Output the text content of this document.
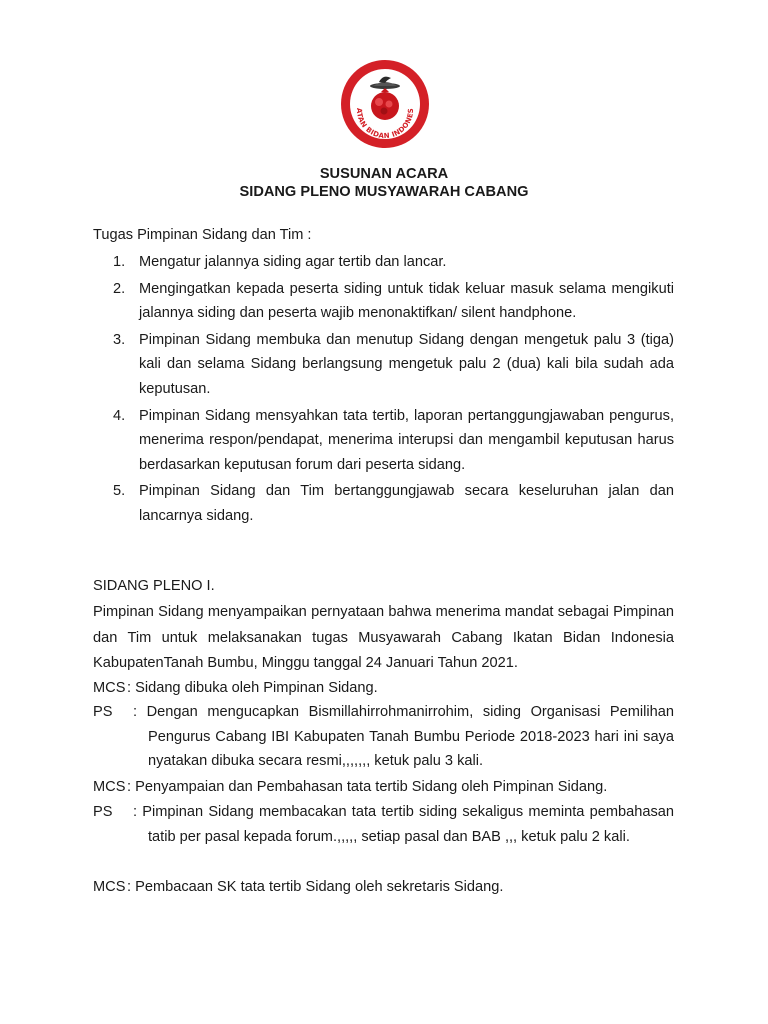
ATAN BIDAN INDONES
SUSUNAN ACARA
SIDANG PLENO MUSYAWARAH CABANG
Tugas Pimpinan Sidang dan Tim :
1. Mengatur jalannya siding agar tertib dan lancar.
2. Mengingatkan kepada peserta siding untuk tidak keluar masuk selama mengikuti jalannya siding dan peserta wajib menonaktifkan/ silent handphone.
3. Pimpinan Sidang membuka dan menutup Sidang dengan mengetuk palu 3 (tiga) kali dan selama Sidang berlangsung mengetuk palu 2 (dua) kali bila sudah ada keputusan.
4. Pimpinan Sidang mensyahkan tata tertib, laporan pertanggungjawaban pengurus, menerima respon/pendapat, menerima interupsi dan mengambil keputusan harus berdasarkan keputusan forum dari peserta sidang.
5. Pimpinan Sidang dan Tim bertanggungjawab secara keseluruhan jalan dan lancarnya sidang.
SIDANG PLENO I.
Pimpinan Sidang menyampaikan pernyataan bahwa menerima mandat sebagai Pimpinan dan Tim untuk melaksanakan tugas Musyawarah Cabang Ikatan Bidan Indonesia KabupatenTanah Bumbu, Minggu tanggal 24 Januari Tahun 2021.
MCS : Sidang dibuka oleh Pimpinan Sidang.
PS	: Dengan mengucapkan Bismillahirrohmanirrohim, siding Organisasi Pemilihan Pengurus Cabang IBI Kabupaten Tanah Bumbu Periode 2018-2023 hari ini saya nyatakan dibuka secara resmi,,,,,,, ketuk palu 3 kali.
MCS : Penyampaian dan Pembahasan tata tertib Sidang oleh Pimpinan Sidang.
PS	: Pimpinan Sidang membacakan tata tertib siding sekaligus meminta pembahasan tatib per pasal kepada forum.,,,,, setiap pasal dan BAB ,,, ketuk palu 2 kali.
MCS : Pembacaan SK tata tertib Sidang oleh sekretaris Sidang.
